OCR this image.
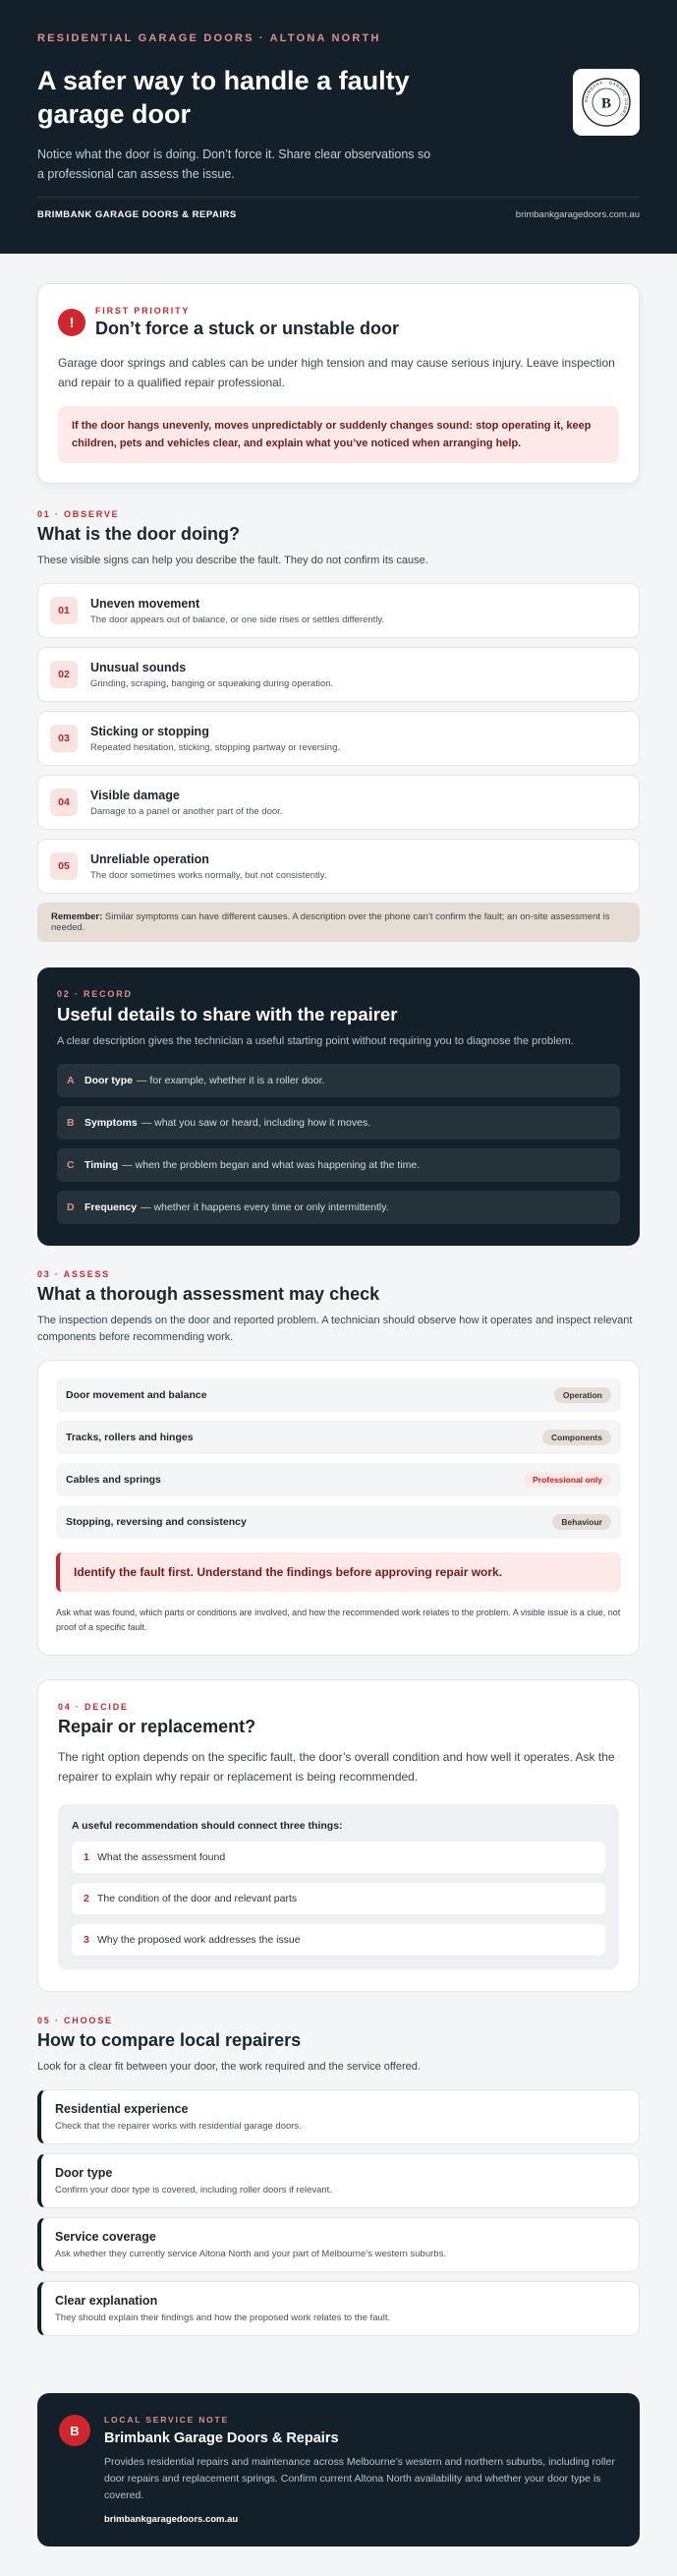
RESIDENTIAL GARAGE DOORS · ALTONA NORTH
A safer way to handle a faulty garage door

Notice what the door is doing. Don’t force it. Share clear observations so a professional can assess the issue.

BRIMBANK · GARAGE DOORS ·
B
BRIMBANK GARAGE DOORS & REPAIRS	brimbankgaragedoors.com.au
!
FIRST PRIORITY
Don’t force a stuck or unstable door

Garage door springs and cables can be under high tension and may cause serious injury. Leave inspection and repair to a qualified repair professional.

If the door hangs unevenly, moves unpredictably or suddenly changes sound: stop operating it, keep children, pets and vehicles clear, and explain what you’ve noticed when arranging help.
01 · OBSERVE
What is the door doing?

These visible signs can help you describe the fault. They do not confirm its cause.

01
Uneven movement
The door appears out of balance, or one side rises or settles differently.
02
Unusual sounds
Grinding, scraping, banging or squeaking during operation.
03
Sticking or stopping
Repeated hesitation, sticking, stopping partway or reversing.
04
Visible damage
Damage to a panel or another part of the door.
05
Unreliable operation
The door sometimes works normally, but not consistently.
Remember: Similar symptoms can have different causes. A description over the phone can’t confirm the fault; an on-site assessment is needed.
02 · RECORD
Useful details to share with the repairer

A clear description gives the technician a useful starting point without requiring you to diagnose the problem.

A Door type — for example, whether it is a roller door.
B Symptoms — what you saw or heard, including how it moves.
C Timing — when the problem began and what was happening at the time.
D Frequency — whether it happens every time or only intermittently.
03 · ASSESS
What a thorough assessment may check

The inspection depends on the door and reported problem. A technician should observe how it operates and inspect relevant components before recommending work.

Door movement and balance	Operation
Tracks, rollers and hinges	Components
Cables and springs	Professional only
Stopping, reversing and consistency	Behaviour
Identify the fault first. Understand the findings before approving repair work.

Ask what was found, which parts or conditions are involved, and how the recommended work relates to the problem. A visible issue is a clue, not proof of a specific fault.

04 · DECIDE
Repair or replacement?

The right option depends on the specific fault, the door’s overall condition and how well it operates. Ask the repairer to explain why repair or replacement is being recommended.

A useful recommendation should connect three things:
1 What the assessment found
2 The condition of the door and relevant parts
3 Why the proposed work addresses the issue
05 · CHOOSE
How to compare local repairers

Look for a clear fit between your door, the work required and the service offered.

Residential experience
Check that the repairer works with residential garage doors.
Door type
Confirm your door type is covered, including roller doors if relevant.
Service coverage
Ask whether they currently service Altona North and your part of Melbourne’s western suburbs.
Clear explanation
They should explain their findings and how the proposed work relates to the fault.
B
LOCAL SERVICE NOTE
Brimbank Garage Doors & Repairs

Provides residential repairs and maintenance across Melbourne’s western and northern suburbs, including roller door repairs and replacement springs. Confirm current Altona North availability and whether your door type is covered.

brimbankgaragedoors.com.au
